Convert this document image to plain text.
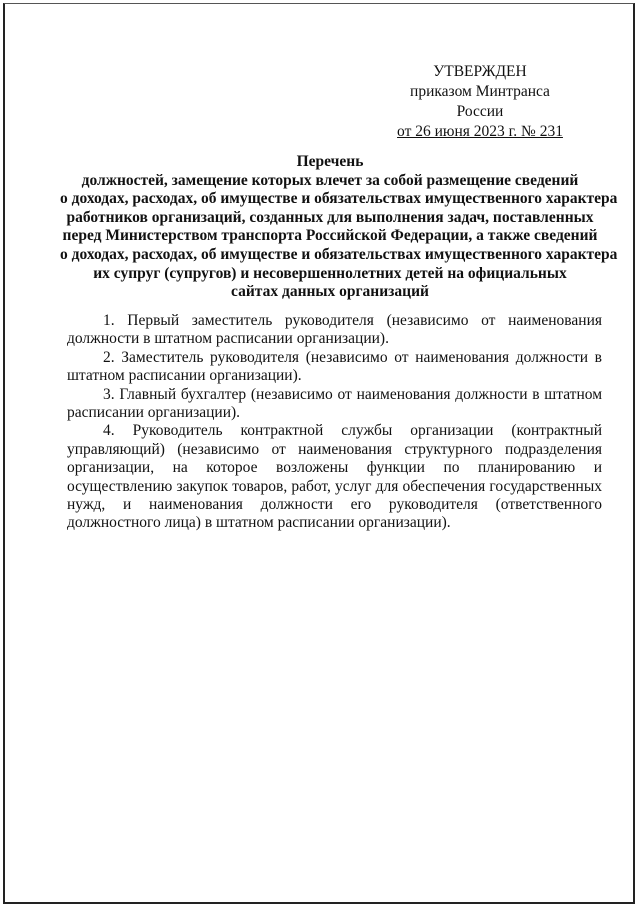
УТВЕРЖДЕН
приказом Минтранса России
от 26 июня 2023 г. № 231
Перечень
должностей, замещение которых влечет за собой размещение сведений
о доходах, расходах, об имуществе и обязательствах имущественного характера
работников организаций, созданных для выполнения задач, поставленных
перед Министерством транспорта Российской Федерации, а также сведений
о доходах, расходах, об имуществе и обязательствах имущественного характера
их супруг (супругов) и несовершеннолетних детей на официальных
сайтах данных организаций

1. Первый заместитель руководителя (независимо от наименования должности в штатном расписании организации).

2. Заместитель руководителя (независимо от наименования должности в штатном расписании организации).

3. Главный бухгалтер (независимо от наименования должности в штатном расписании организации).

4. Руководитель контрактной службы организации (контрактный управляющий) (независимо от наименования структурного подразделения организации, на которое возложены функции по планированию и осуществлению закупок товаров, работ, услуг для обеспечения государственных нужд, и наименования должности его руководителя (ответственного должностного лица) в штатном расписании организации).
